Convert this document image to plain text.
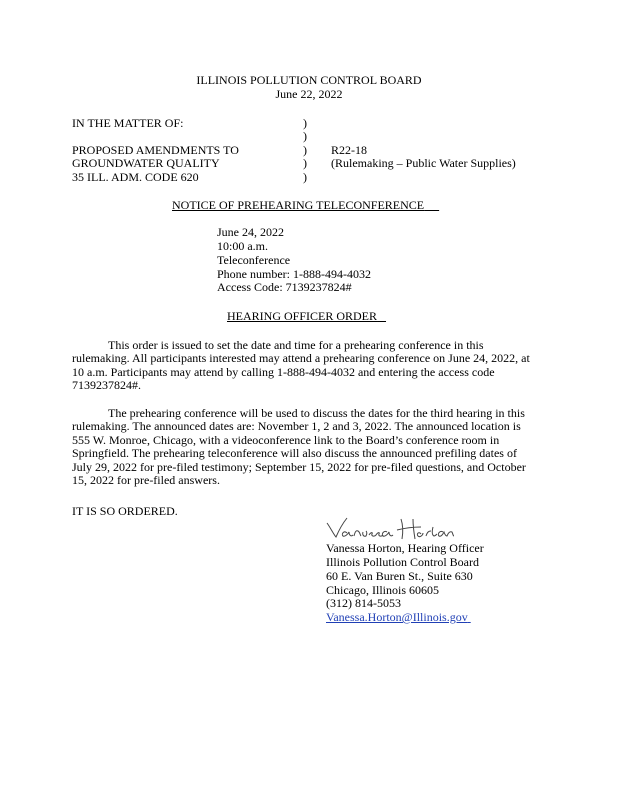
ILLINOIS POLLUTION CONTROL BOARD
June 22, 2022
IN THE MATTER OF:
PROPOSED AMENDMENTS TO
GROUNDWATER QUALITY
35 ILL. ADM. CODE 620
)
)
)
)
)
R22-18
(Rulemaking – Public Water Supplies)
NOTICE OF PREHEARING TELECONFERENCE
June 24, 2022
10:00 a.m.
Teleconference
Phone number: 1-888-494-4032
Access Code: 7139237824#
HEARING OFFICER ORDER
This order is issued to set the date and time for a prehearing conference in this rulemaking. All participants interested may attend a prehearing conference on June 24, 2022, at 10 a.m. Participants may attend by calling 1-888-494-4032 and entering the access code 7139237824#.
The prehearing conference will be used to discuss the dates for the third hearing in this rulemaking. The announced dates are: November 1, 2 and 3, 2022. The announced location is 555 W. Monroe, Chicago, with a videoconference link to the Board’s conference room in Springfield. The prehearing teleconference will also discuss the announced prefiling dates of July 29, 2022 for pre-filed testimony; September 15, 2022 for pre-filed questions, and October 15, 2022 for pre-filed answers.
IT IS SO ORDERED.
Vanessa Horton, Hearing Officer
Illinois Pollution Control Board
60 E. Van Buren St., Suite 630
Chicago, Illinois 60605
(312) 814-5053
Vanessa.Horton@Illinois.gov
